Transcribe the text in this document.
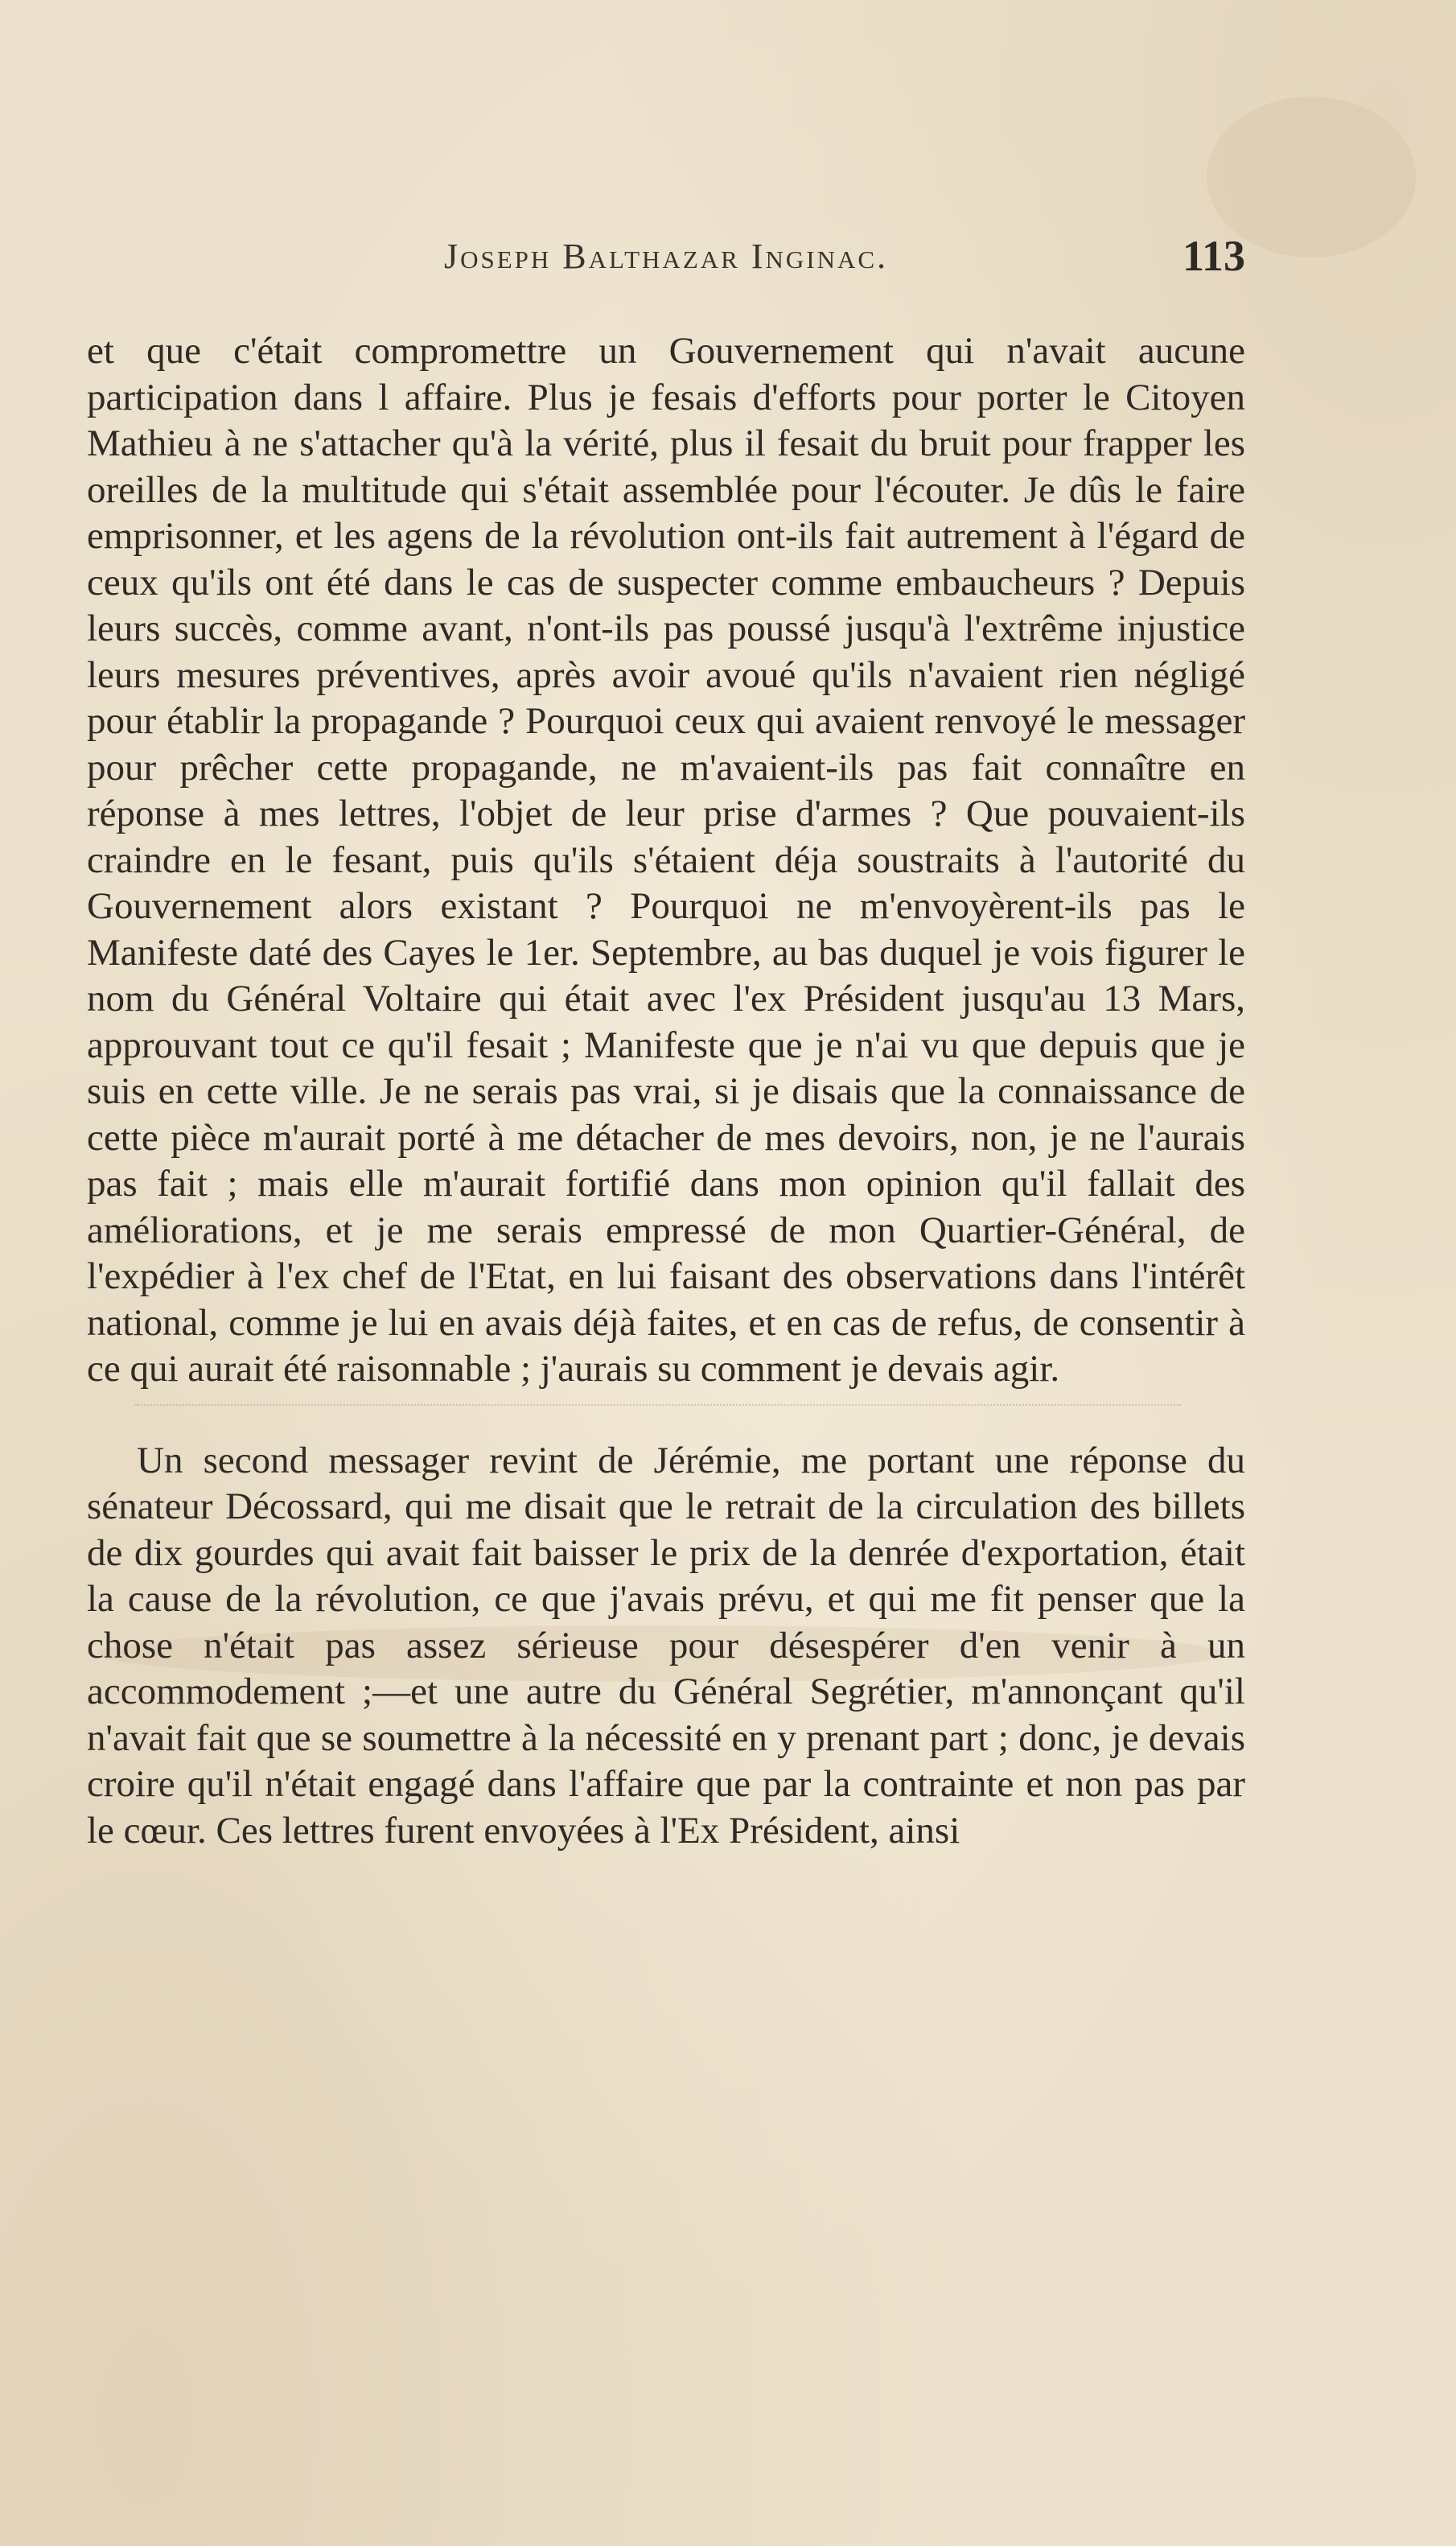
Joseph Balthazar Inginac.	113

et que c'était compromettre un Gouvernement qui n'avait aucune participation dans l affaire. Plus je fesais d'efforts pour porter le Citoyen Mathieu à ne s'attacher qu'à la vérité, plus il fesait du bruit pour frapper les oreilles de la multitude qui s'était assemblée pour l'écouter. Je dûs le faire emprisonner, et les agens de la révolution ont-ils fait autrement à l'égard de ceux qu'ils ont été dans le cas de suspecter comme embaucheurs ? Depuis leurs succès, comme avant, n'ont-ils pas poussé jusqu'à l'extrême injustice leurs mesures préventives, après avoir avoué qu'ils n'avaient rien négligé pour établir la propagande ? Pourquoi ceux qui avaient renvoyé le messager pour prêcher cette propagande, ne m'avaient-ils pas fait connaître en réponse à mes lettres, l'objet de leur prise d'armes ? Que pouvaient-ils craindre en le fesant, puis qu'ils s'étaient déja soustraits à l'autorité du Gouvernement alors existant ? Pourquoi ne m'envoyèrent-ils pas le Manifeste daté des Cayes le 1er. Septembre, au bas duquel je vois figurer le nom du Général Voltaire qui était avec l'ex Président jusqu'au 13 Mars, approuvant tout ce qu'il fesait ; Manifeste que je n'ai vu que depuis que je suis en cette ville. Je ne serais pas vrai, si je disais que la connaissance de cette pièce m'aurait porté à me détacher de mes devoirs, non, je ne l'aurais pas fait ; mais elle m'aurait fortifié dans mon opinion qu'il fallait des améliorations, et je me serais empressé de mon Quartier-Général, de l'expédier à l'ex chef de l'Etat, en lui faisant des observations dans l'intérêt national, comme je lui en avais déjà faites, et en cas de refus, de consentir à ce qui aurait été raisonnable ; j'aurais su comment je devais agir.

Un second messager revint de Jérémie, me portant une réponse du sénateur Décossard, qui me disait que le retrait de la circulation des billets de dix gourdes qui avait fait baisser le prix de la denrée d'exportation, était la cause de la révolution, ce que j'avais prévu, et qui me fit penser que la chose n'était pas assez sérieuse pour désespérer d'en venir à un accommodement ;—et une autre du Général Segrétier, m'annonçant qu'il n'avait fait que se soumettre à la nécessité en y prenant part ; donc, je devais croire qu'il n'était engagé dans l'affaire que par la contrainte et non pas par le cœur. Ces lettres furent envoyées à l'Ex Président, ainsi
